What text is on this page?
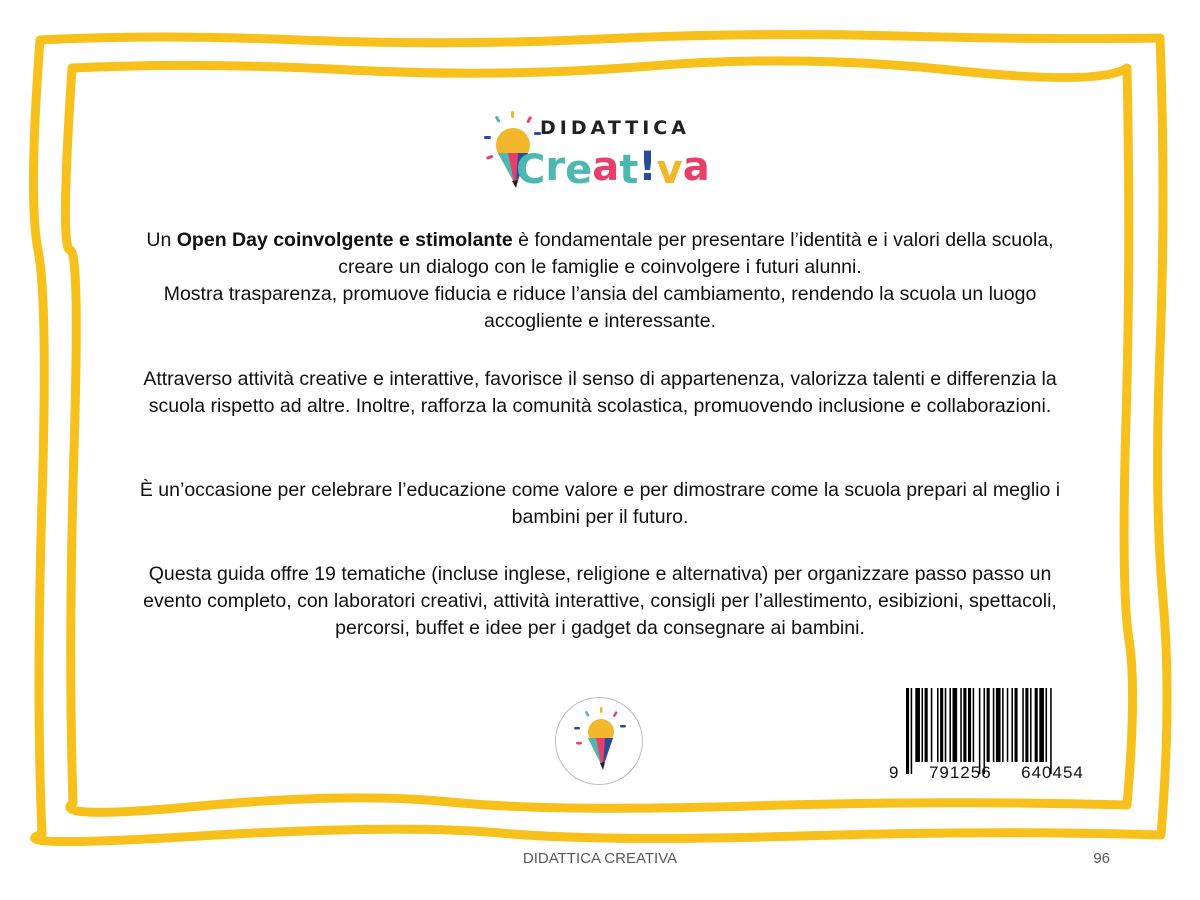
DIDATTICA
C r e a t ! v a
Un Open Day coinvolgente e stimolante è fondamentale per presentare l’identità e i valori della scuola, creare un dialogo con le famiglie e coinvolgere i futuri alunni.
Mostra trasparenza, promuove fiducia e riduce l’ansia del cambiamento, rendendo la scuola un luogo accogliente e interessante.
Attraverso attività creative e interattive, favorisce il senso di appartenenza, valorizza talenti e differenzia la scuola rispetto ad altre. Inoltre, rafforza la comunità scolastica, promuovendo inclusione e collaborazioni.
È un’occasione per celebrare l’educazione come valore e per dimostrare come la scuola prepari al meglio i bambini per il futuro.
Questa guida offre 19 tematiche (incluse inglese, religione e alternativa) per organizzare passo passo un evento completo, con laboratori creativi, attività interattive, consigli per l’allestimento, esibizioni, spettacoli, percorsi, buffet e idee per i gadget da consegnare ai bambini.
9 791256 640454
DIDATTICA CREATIVA	96
